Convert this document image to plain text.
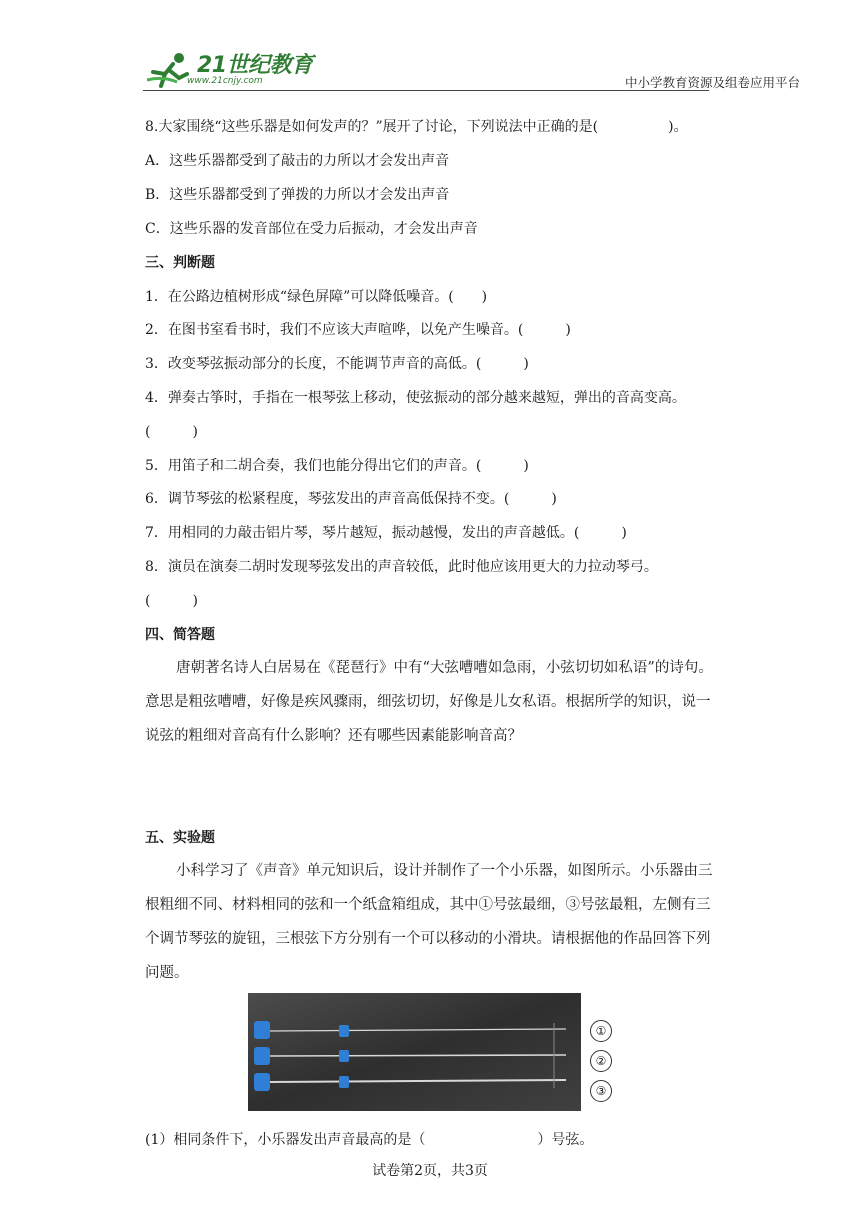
21世纪教育
www.21cnjy.com	中小学教育资源及组卷应用平台
8.大家围绕“这些乐器是如何发声的？”展开了讨论，下列说法中正确的是(　　　　　)。
A．这些乐器都受到了敲击的力所以才会发出声音
B．这些乐器都受到了弹拨的力所以才会发出声音
C．这些乐器的发音部位在受力后振动，才会发出声音
三、判断题
1．在公路边植树形成“绿色屏障”可以降低噪音。(　　)
2．在图书室看书时，我们不应该大声喧哗，以免产生噪音。(　　　)
3．改变琴弦振动部分的长度，不能调节声音的高低。(　　　)
4．弹奏古筝时，手指在一根琴弦上移动，使弦振动的部分越来越短，弹出的音高变高。
(　　　)
5．用笛子和二胡合奏，我们也能分得出它们的声音。(　　　)
6．调节琴弦的松紧程度，琴弦发出的声音高低保持不变。(　　　)
7．用相同的力敲击铝片琴，琴片越短，振动越慢，发出的声音越低。(　　　)
8．演员在演奏二胡时发现琴弦发出的声音较低，此时他应该用更大的力拉动琴弓。
(　　　)
四、简答题
唐朝著名诗人白居易在《琵琶行》中有“大弦嘈嘈如急雨，小弦切切如私语”的诗句。意思是粗弦嘈嘈，好像是疾风骤雨，细弦切切，好像是儿女私语。根据所学的知识，说一说弦的粗细对音高有什么影响？还有哪些因素能影响音高？
五、实验题
小科学习了《声音》单元知识后，设计并制作了一个小乐器，如图所示。小乐器由三根粗细不同、材料相同的弦和一个纸盒箱组成，其中①号弦最细，③号弦最粗，左侧有三个调节琴弦的旋钮，三根弦下方分别有一个可以移动的小滑块。请根据他的作品回答下列问题。
①
②
③
(1）相同条件下，小乐器发出声音最高的是（　　　　　　　　）号弦。
试卷第2页，共3页
